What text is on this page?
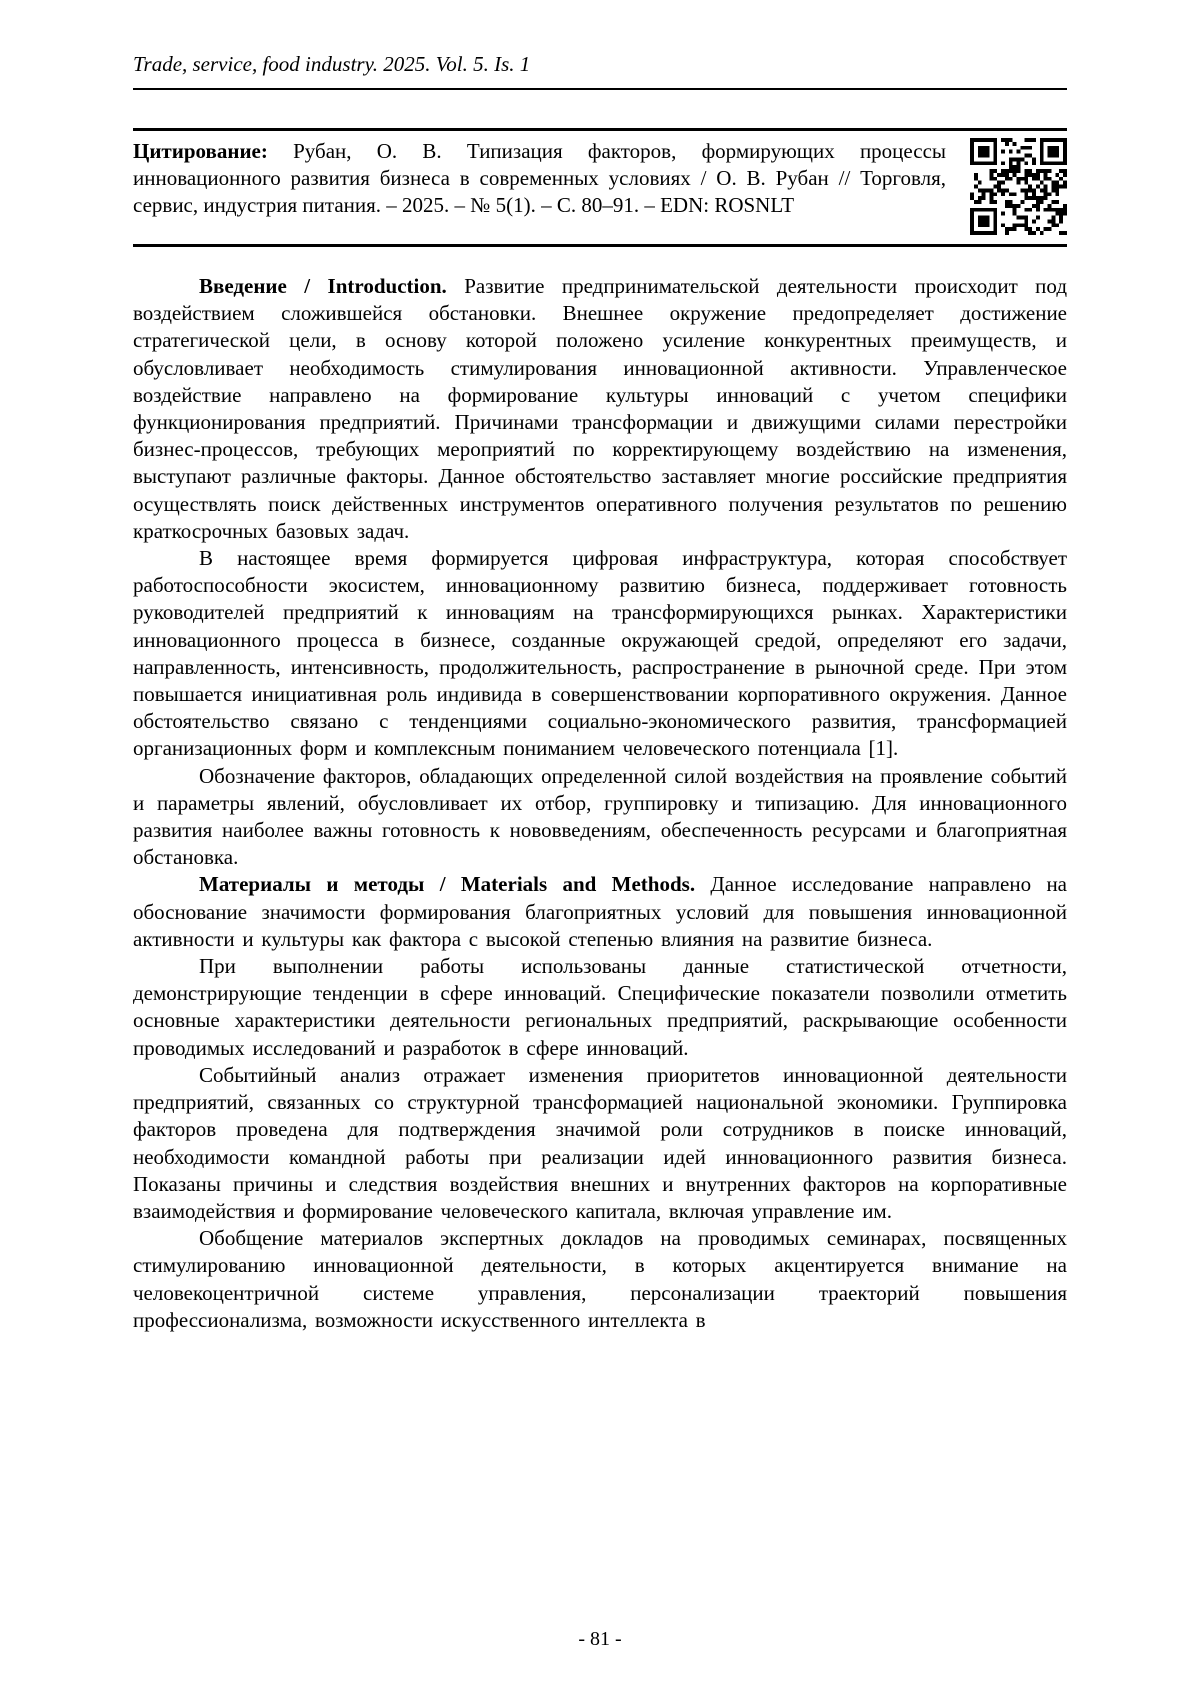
Trade, service, food industry. 2025. Vol. 5. Is. 1

Цитирование: Рубан, О. В. Типизация факторов, формирующих процессы инновационного развития бизнеса в современных условиях / О. В. Рубан // Торговля, сервис, индустрия питания. – 2025. – № 5(1). – С. 80–91. – EDN: ROSNLT

Введение / Introduction. Развитие предпринимательской деятельности происходит под воздействием сложившейся обстановки. Внешнее окружение предопределяет достижение стратегической цели, в основу которой положено усиление конкурентных преимуществ, и обусловливает необходимость стимулирования инновационной активности. Управленческое воздействие направлено на формирование культуры инноваций с учетом специфики функционирования предприятий. Причинами трансформации и движущими силами перестройки бизнес-процессов, требующих мероприятий по корректирующему воздействию на изменения, выступают различные факторы. Данное обстоятельство заставляет многие российские предприятия осуществлять поиск действенных инструментов оперативного получения результатов по решению краткосрочных базовых задач.

В настоящее время формируется цифровая инфраструктура, которая способствует работоспособности экосистем, инновационному развитию бизнеса, поддерживает готовность руководителей предприятий к инновациям на трансформирующихся рынках. Характеристики инновационного процесса в бизнесе, созданные окружающей средой, определяют его задачи, направленность, интенсивность, продолжительность, распространение в рыночной среде. При этом повышается инициативная роль индивида в совершенствовании корпоративного окружения. Данное обстоятельство связано с тенденциями социально-экономического развития, трансформацией организационных форм и комплексным пониманием человеческого потенциала [1].

Обозначение факторов, обладающих определенной силой воздействия на проявление событий и параметры явлений, обусловливает их отбор, группировку и типизацию. Для инновационного развития наиболее важны готовность к нововведениям, обеспеченность ресурсами и благоприятная обстановка.

Материалы и методы / Materials and Methods. Данное исследование направлено на обоснование значимости формирования благоприятных условий для повышения инновационной активности и культуры как фактора с высокой степенью влияния на развитие бизнеса.

При выполнении работы использованы данные статистической отчетности, демонстрирующие тенденции в сфере инноваций. Специфические показатели позволили отметить основные характеристики деятельности региональных предприятий, раскрывающие особенности проводимых исследований и разработок в сфере инноваций.

Событийный анализ отражает изменения приоритетов инновационной деятельности предприятий, связанных со структурной трансформацией национальной экономики. Группировка факторов проведена для подтверждения значимой роли сотрудников в поиске инноваций, необходимости командной работы при реализации идей инновационного развития бизнеса. Показаны причины и следствия воздействия внешних и внутренних факторов на корпоративные взаимодействия и формирование человеческого капитала, включая управление им.

Обобщение материалов экспертных докладов на проводимых семинарах, посвященных стимулированию инновационной деятельности, в которых акцентируется внимание на человекоцентричной системе управления, персонализации траекторий повышения профессионализма, возможности искусственного интеллекта в

- 81 -
